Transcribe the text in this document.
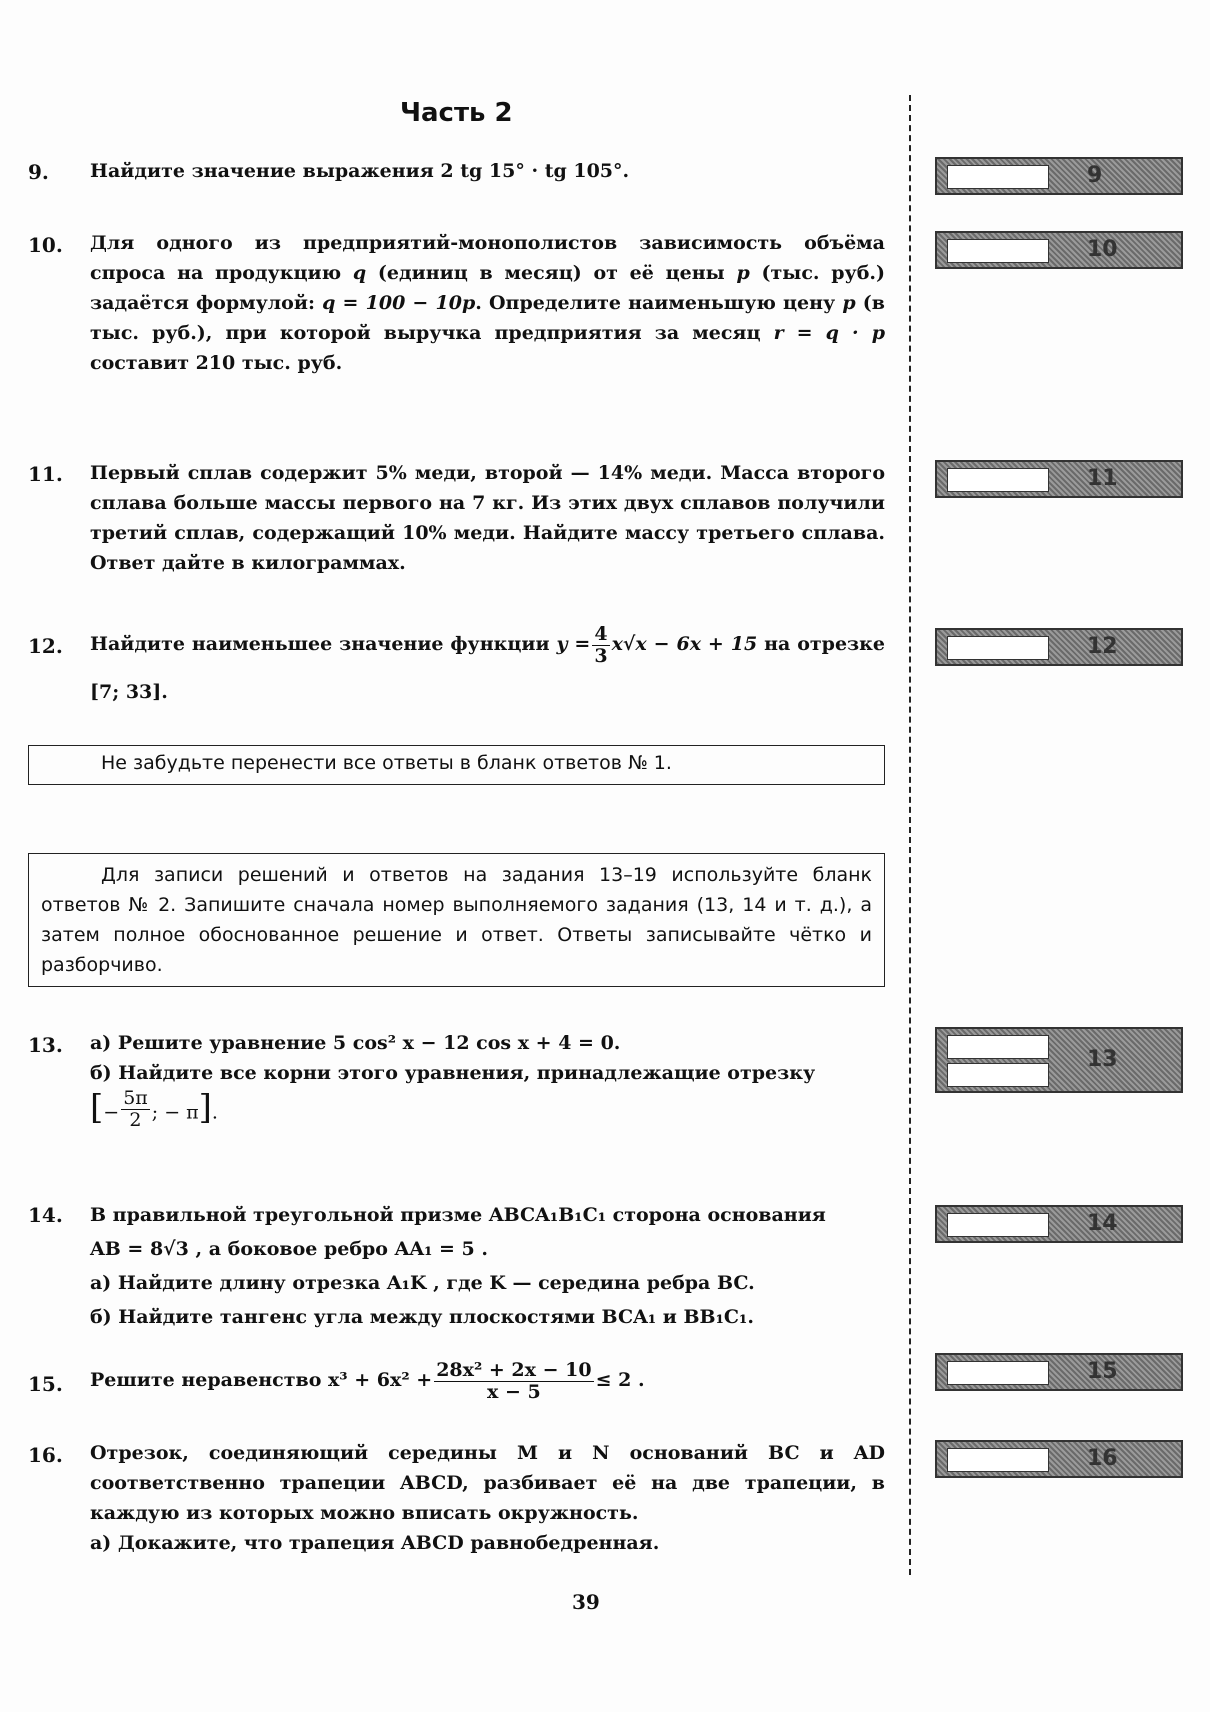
Часть 2
9. Найдите значение выражения 2 tg 15° · tg 105°.
10. Для одного из предприятий-монополистов зависимость объёма спроса на продукцию q (единиц в месяц) от её цены p (тыс. руб.) задаётся формулой: q = 100 − 10p. Определите наименьшую цену p (в тыс. руб.), при которой выручка предприятия за месяц r = q · p составит 210 тыс. руб.
11. Первый сплав содержит 5% меди, второй — 14% меди. Масса второго сплава больше массы первого на 7 кг. Из этих двух сплавов получили третий сплав, содержащий 10% меди. Найдите массу третьего сплава. Ответ дайте в килограммах.
12. Найдите наименьшее значение функции $y = \frac{4}{3} x√x - 6x + 15$ на отрезке [7; 33].
Не забудьте перенести все ответы в бланк ответов № 1.
Для записи решений и ответов на задания 13–19 используйте бланк ответов № 2. Запишите сначала номер выполняемого задания (13, 14 и т. д.), а затем полное обоснованное решение и ответ. Ответы записывайте чётко и разборчиво.
13. а) Решите уравнение 5 cos² x − 12 cos x + 4 = 0.
б) Найдите все корни этого уравнения, принадлежащие отрезку
[− $\frac{5\pi}{2}$ ; − π].
14. В правильной треугольной призме ABCA₁B₁C₁ сторона основания
AB = 8√3 , а боковое ребро AA₁ = 5 .
а) Найдите длину отрезка A₁K , где K — середина ребра BC.
б) Найдите тангенс угла между плоскостями BCA₁ и BB₁C₁.
15. Решите неравенство $x^3 + 6x^2 + \frac{\text{28x² + 2x − 10}}{x - 5} \le 2$ .
16. Отрезок, соединяющий середины M и N оснований BC и AD соответственно трапеции ABCD, разбивает её на две трапеции, в каждую из которых можно вписать окружность.
а) Докажите, что трапеция ABCD равнобедренная.
9
10
11
12
13
14
15
16
39
